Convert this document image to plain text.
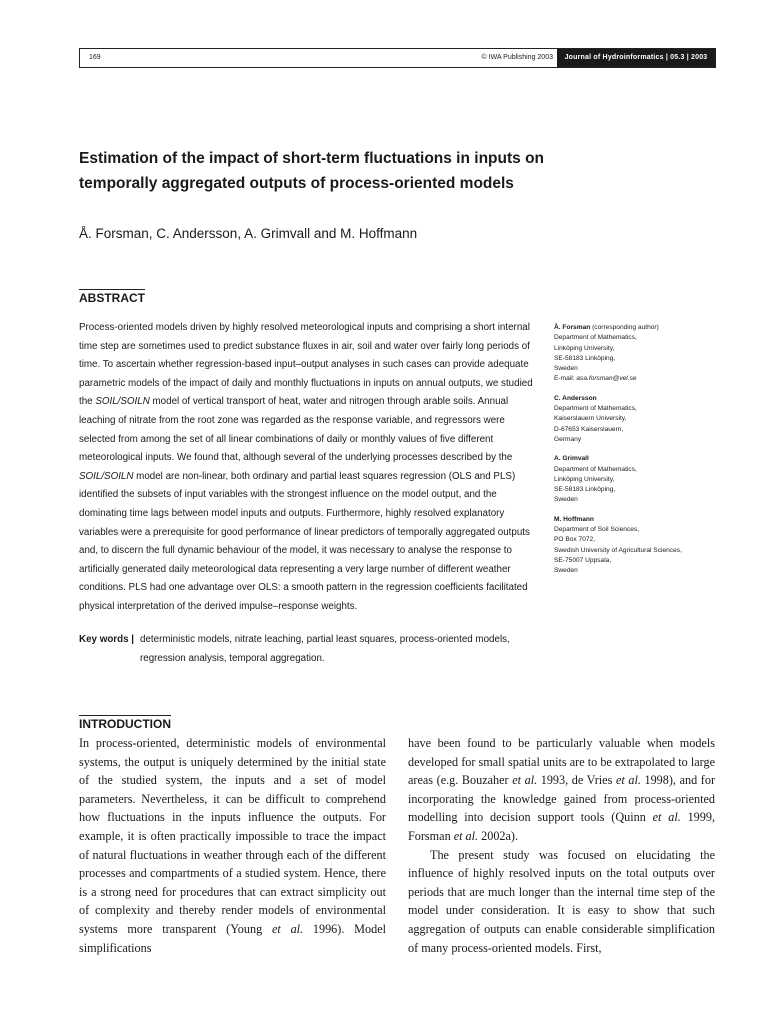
169	© IWA Publishing 2003	Journal of Hydroinformatics | 05.3 | 2003
Estimation of the impact of short-term fluctuations in inputs on temporally aggregated outputs of process-oriented models

Å. Forsman, C. Andersson, A. Grimvall and M. Hoffmann

ABSTRACT

Process-oriented models driven by highly resolved meteorological inputs and comprising a short internal time step are sometimes used to predict substance fluxes in air, soil and water over fairly long periods of time. To ascertain whether regression-based input–output analyses in such cases can provide adequate parametric models of the impact of daily and monthly fluctuations in inputs on annual outputs, we studied the SOIL/SOILN model of vertical transport of heat, water and nitrogen through arable soils. Annual leaching of nitrate from the root zone was regarded as the response variable, and regressors were selected from among the set of all linear combinations of daily or monthly values of five different meteorological inputs. We found that, although several of the underlying processes described by the SOIL/SOILN model are non-linear, both ordinary and partial least squares regression (OLS and PLS) identified the subsets of input variables with the strongest influence on the model output, and the dominating time lags between model inputs and outputs. Furthermore, highly resolved explanatory variables were a prerequisite for good performance of linear predictors of temporally aggregated outputs and, to discern the full dynamic behaviour of the model, it was necessary to analyse the response to artificially generated daily meteorological data representing a very large number of different weather conditions. PLS had one advantage over OLS: a smooth pattern in the regression coefficients facilitated physical interpretation of the derived impulse–response weights.

Key words | deterministic models, nitrate leaching, partial least squares, process-oriented models, regression analysis, temporal aggregation.
Å. Forsman (corresponding author)
Department of Mathematics,
Linköping University,
SE-58183 Linköping,
Sweden
E-mail: asa.forsman@vel.se
C. Andersson
Department of Mathematics,
Kaiserslauern University,
D-67653 Kaiserslauern,
Germany
A. Grimvall
Department of Mathematics,
Linköping University,
SE-58183 Linköping,
Sweden
M. Hoffmann
Department of Soil Sciences,
PO Box 7072,
Swedish University of Agricultural Sciences,
SE-75007 Uppsala,
Sweden
INTRODUCTION

In process-oriented, deterministic models of environmental systems, the output is uniquely determined by the initial state of the studied system, the inputs and a set of model parameters. Nevertheless, it can be difficult to comprehend how fluctuations in the inputs influence the outputs. For example, it is often practically impossible to trace the impact of natural fluctuations in weather through each of the different processes and compartments of a studied system. Hence, there is a strong need for procedures that can extract simplicity out of complexity and thereby render models of environmental systems more transparent (Young et al. 1996). Model simplifications

have been found to be particularly valuable when models developed for small spatial units are to be extrapolated to large areas (e.g. Bouzaher et al. 1993, de Vries et al. 1998), and for incorporating the knowledge gained from process-oriented modelling into decision support tools (Quinn et al. 1999, Forsman et al. 2002a).

The present study was focused on elucidating the influence of highly resolved inputs on the total outputs over periods that are much longer than the internal time step of the model under consideration. It is easy to show that such aggregation of outputs can enable considerable simplification of many process-oriented models. First,
